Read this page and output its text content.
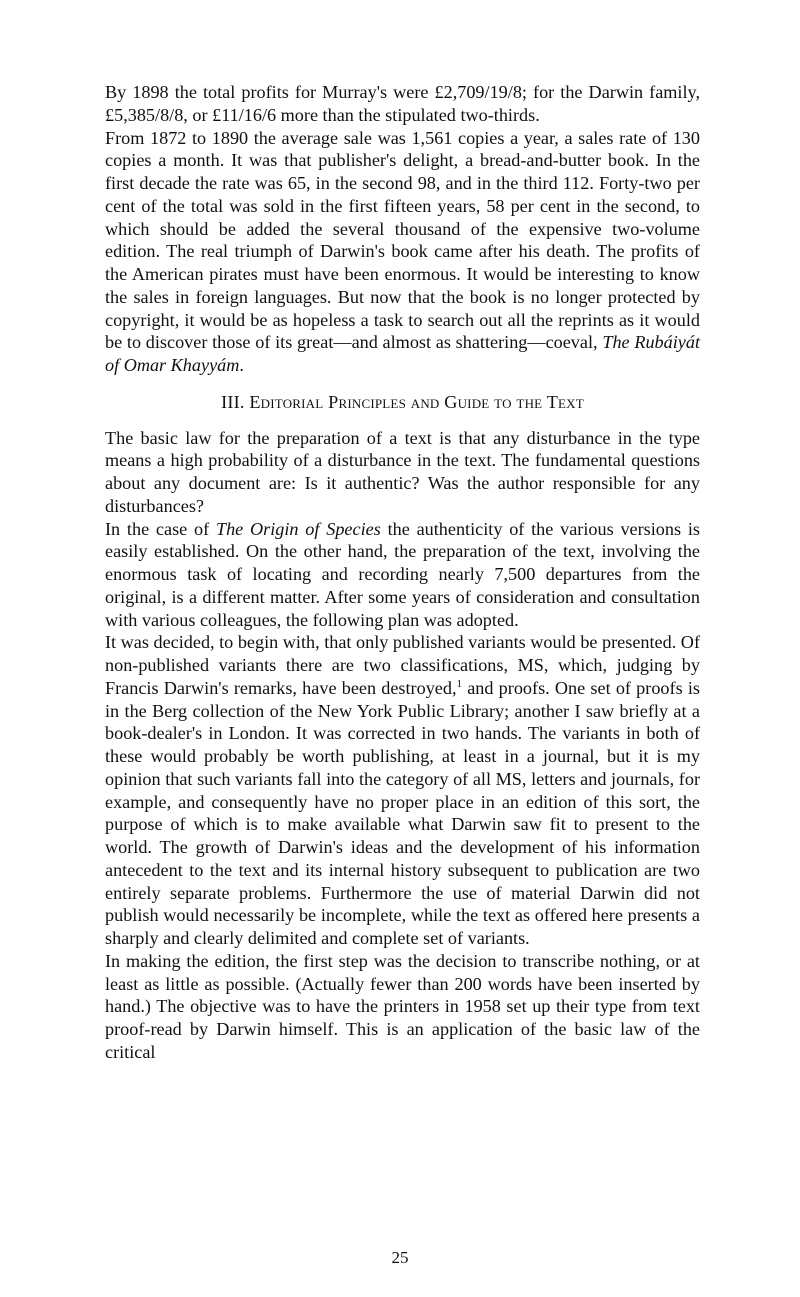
By 1898 the total profits for Murray's were £2,709/19/8; for the Darwin family, £5,385/8/8, or £11/16/6 more than the stipulated two-thirds.

From 1872 to 1890 the average sale was 1,561 copies a year, a sales rate of 130 copies a month. It was that publisher's delight, a bread-and-butter book. In the first decade the rate was 65, in the second 98, and in the third 112. Forty-two per cent of the total was sold in the first fifteen years, 58 per cent in the second, to which should be added the several thousand of the expensive two-volume edition. The real triumph of Darwin's book came after his death. The profits of the American pirates must have been enormous. It would be interesting to know the sales in foreign languages. But now that the book is no longer protected by copyright, it would be as hopeless a task to search out all the reprints as it would be to discover those of its great—and almost as shattering—coeval, The Rubáiyát of Omar Khayyám.

III. Editorial Principles and Guide to the Text

The basic law for the preparation of a text is that any disturbance in the type means a high probability of a disturbance in the text. The fundamental questions about any document are: Is it authentic? Was the author responsible for any disturbances?

In the case of The Origin of Species the authenticity of the various versions is easily established. On the other hand, the preparation of the text, involving the enormous task of locating and recording nearly 7,500 departures from the original, is a different matter. After some years of consideration and consultation with various colleagues, the following plan was adopted.

It was decided, to begin with, that only published variants would be presented. Of non-published variants there are two classifications, MS, which, judging by Francis Darwin's remarks, have been destroyed,$^1$ and proofs. One set of proofs is in the Berg collection of the New York Public Library; another I saw briefly at a book-dealer's in London. It was corrected in two hands. The variants in both of these would probably be worth publishing, at least in a journal, but it is my opinion that such variants fall into the category of all MS, letters and journals, for example, and consequently have no proper place in an edition of this sort, the purpose of which is to make available what Darwin saw fit to present to the world. The growth of Darwin's ideas and the development of his information antecedent to the text and its internal history subsequent to publication are two entirely separate problems. Furthermore the use of material Darwin did not publish would necessarily be incomplete, while the text as offered here presents a sharply and clearly delimited and complete set of variants.

In making the edition, the first step was the decision to transcribe nothing, or at least as little as possible. (Actually fewer than 200 words have been inserted by hand.) The objective was to have the printers in 1958 set up their type from text proof-read by Darwin himself. This is an application of the basic law of the critical

25
